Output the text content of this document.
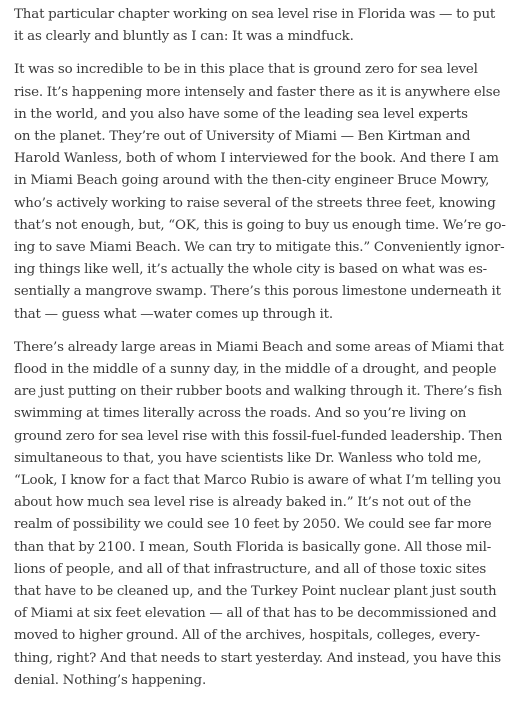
That particular chapter working on sea level rise in Florida was — to put
it as clearly and bluntly as I can: It was a mindfuck.

It was so incredible to be in this place that is ground zero for sea level
rise. It’s happening more intensely and faster there as it is anywhere else
in the world, and you also have some of the leading sea level experts
on the planet. They’re out of University of Miami — Ben Kirtman and
Harold Wanless, both of whom I interviewed for the book. And there I am
in Miami Beach going around with the then-city engineer Bruce Mowry,
who’s actively working to raise several of the streets three feet, knowing
that’s not enough, but, “OK, this is going to buy us enough time. We’re go-
ing to save Miami Beach. We can try to mitigate this.” Conveniently ignor-
ing things like well, it’s actually the whole city is based on what was es-
sentially a mangrove swamp. There’s this porous limestone underneath it
that — guess what —water comes up through it.

There’s already large areas in Miami Beach and some areas of Miami that
flood in the middle of a sunny day, in the middle of a drought, and people
are just putting on their rubber boots and walking through it. There’s fish
swimming at times literally across the roads. And so you’re living on
ground zero for sea level rise with this fossil-fuel-funded leadership. Then
simultaneous to that, you have scientists like Dr. Wanless who told me,
“Look, I know for a fact that Marco Rubio is aware of what I’m telling you
about how much sea level rise is already baked in.” It’s not out of the
realm of possibility we could see 10 feet by 2050. We could see far more
than that by 2100. I mean, South Florida is basically gone. All those mil-
lions of people, and all of that infrastructure, and all of those toxic sites
that have to be cleaned up, and the Turkey Point nuclear plant just south
of Miami at six feet elevation — all of that has to be decommissioned and
moved to higher ground. All of the archives, hospitals, colleges, every-
thing, right? And that needs to start yesterday. And instead, you have this
denial. Nothing’s happening.
